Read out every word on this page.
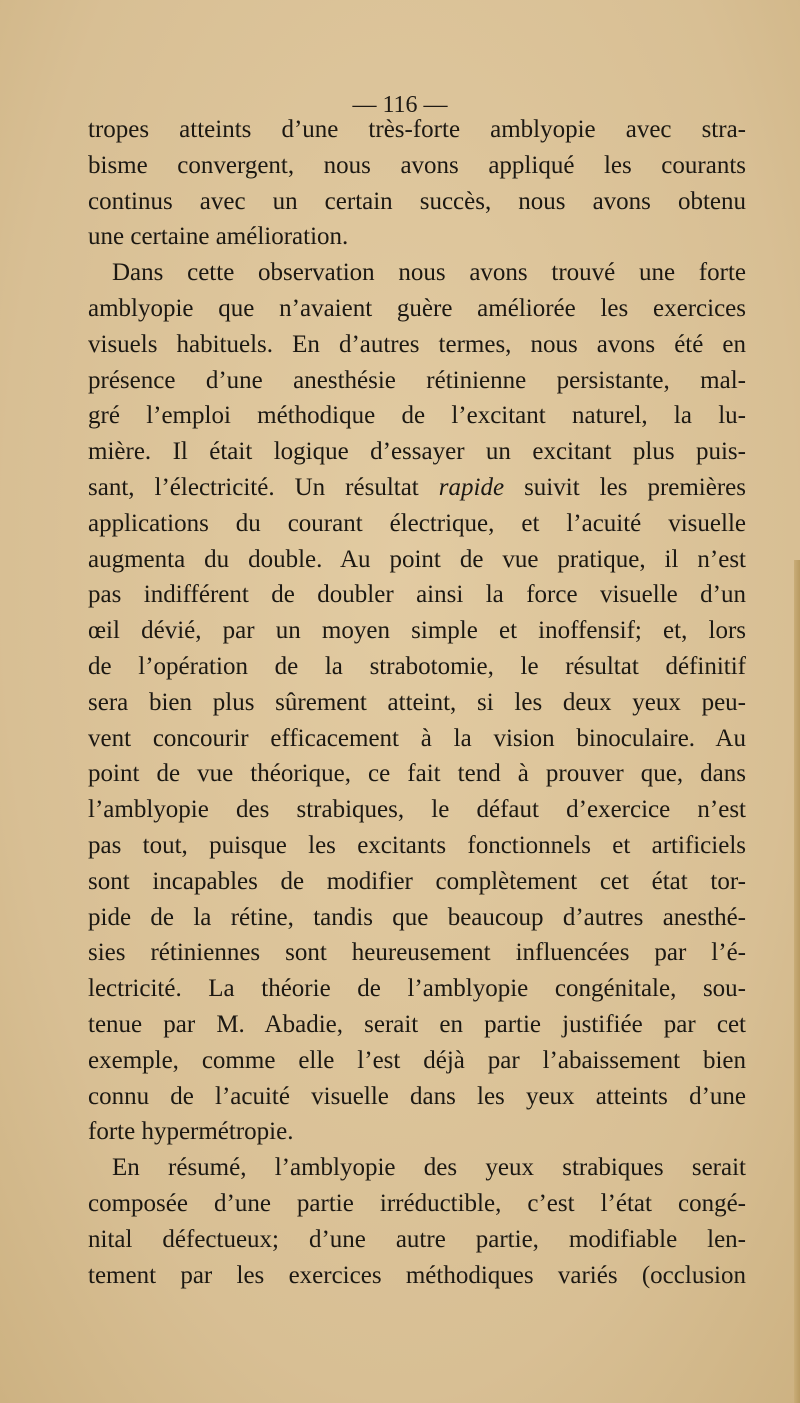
— 116 —
tropes atteints d’une très-forte amblyopie avec stra-
bisme convergent, nous avons appliqué les courants
continus avec un certain succès, nous avons obtenu
une certaine amélioration.
Dans cette observation nous avons trouvé une forte
amblyopie que n’avaient guère améliorée les exercices
visuels habituels. En d’autres termes, nous avons été en
présence d’une anesthésie rétinienne persistante, mal-
gré l’emploi méthodique de l’excitant naturel, la lu-
mière. Il était logique d’essayer un excitant plus puis-
sant, l’électricité. Un résultat rapide suivit les premières
applications du courant électrique, et l’acuité visuelle
augmenta du double. Au point de vue pratique, il n’est
pas indifférent de doubler ainsi la force visuelle d’un
œil dévié, par un moyen simple et inoffensif; et, lors
de l’opération de la strabotomie, le résultat définitif
sera bien plus sûrement atteint, si les deux yeux peu-
vent concourir efficacement à la vision binoculaire. Au
point de vue théorique, ce fait tend à prouver que, dans
l’amblyopie des strabiques, le défaut d’exercice n’est
pas tout, puisque les excitants fonctionnels et artificiels
sont incapables de modifier complètement cet état tor-
pide de la rétine, tandis que beaucoup d’autres anesthé-
sies rétiniennes sont heureusement influencées par l’é-
lectricité. La théorie de l’amblyopie congénitale, sou-
tenue par M. Abadie, serait en partie justifiée par cet
exemple, comme elle l’est déjà par l’abaissement bien
connu de l’acuité visuelle dans les yeux atteints d’une
forte hypermétropie.
En résumé, l’amblyopie des yeux strabiques serait
composée d’une partie irréductible, c’est l’état congé-
nital défectueux; d’une autre partie, modifiable len-
tement par les exercices méthodiques variés (occlusion
